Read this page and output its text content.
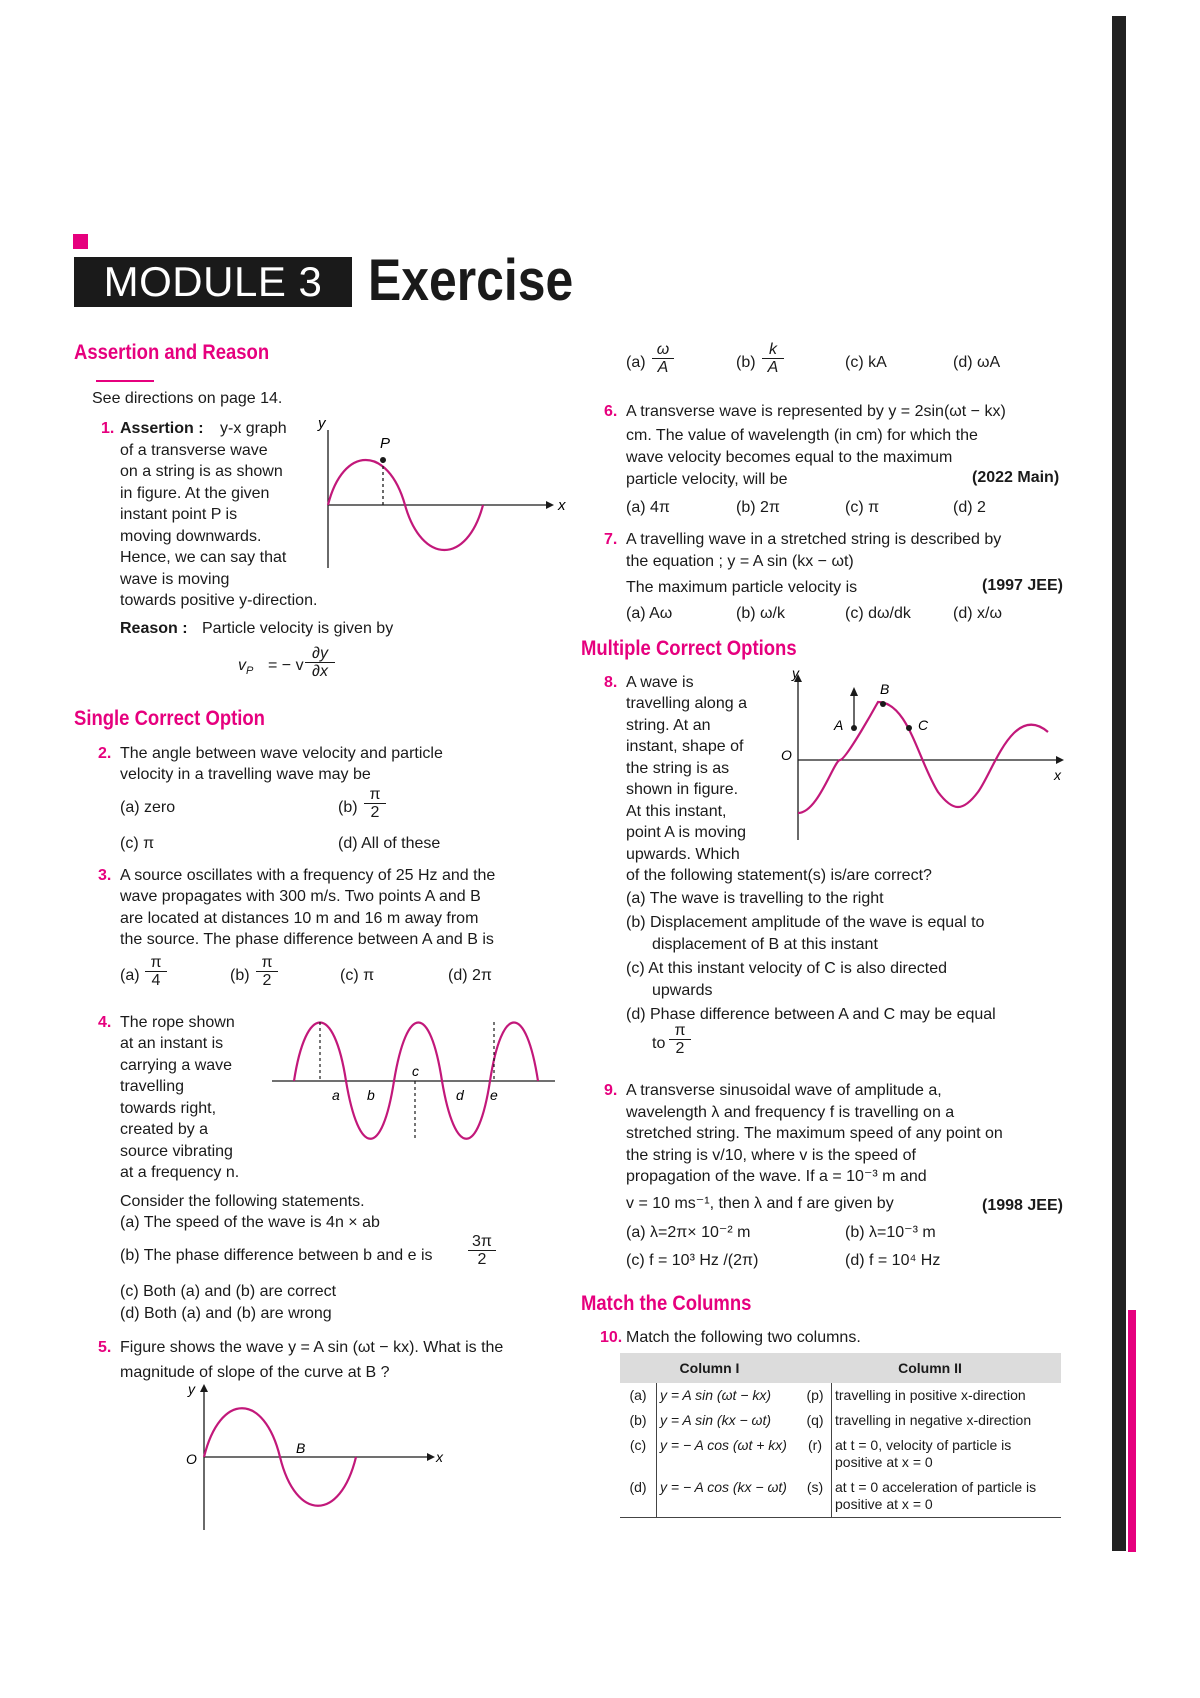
MODULE 3 Exercise
Assertion and Reason
See directions on page 14.
1. Assertion : y-x graph
of a transverse wave
on a string is as shown
in figure. At the given
instant point P is
moving downwards.
Hence, we can say that
wave is moving
towards positive y-direction.
Reason : Particle velocity is given by
$v_P$ = − v $\frac{\partial y}{\partial x}$
y
x
P
Single Correct Option
2. The angle between wave velocity and particle
velocity in a travelling wave may be
(a) zero	$(b) \frac{\pi}{2}$
(c) π	(d) All of these
3. A source oscillates with a frequency of 25 Hz and the
wave propagates with 300 m/s. Two points A and B
are located at distances 10 m and 16 m away from
the source. The phase difference between A and B is
$(a) \frac{\pi}{4}$	$(b) \frac{\pi}{2}$	(c) π	(d) 2π
4. The rope shown
at an instant is
carrying a wave
travelling
towards right,
created by a
source vibrating
at a frequency n.
a b
c
d e
Consider the following statements.
(a) The speed of the wave is 4n × ab
(b) The phase difference between b and e is $\frac{3\pi}{2}$
(c) Both (a) and (b) are correct
(d) Both (a) and (b) are wrong
5. Figure shows the wave y = A sin (ωt − kx). What is the
magnitude of slope of the curve at B ?
y
x
O
B
$(a) \frac{\omega}{A}$	$(b) \frac{k}{A}$	(c) kA	(d) ωA
6. A transverse wave is represented by y = 2sin(ωt − kx)
cm. The value of wavelength (in cm) for which the
wave velocity becomes equal to the maximum
particle velocity, will be	(2022 Main)
(a) 4π	(b) 2π	(c) π	(d) 2
7. A travelling wave in a stretched string is described by
the equation ; y = A sin (kx − ωt)
The maximum particle velocity is	(1997 JEE)
(a) Aω	(b) ω/k	(c) dω/dk	(d) x/ω
Multiple Correct Options
8. A wave is
travelling along a
string. At an
instant, shape of
the string is as
shown in figure.
At this instant,
point A is moving
upwards. Which
y
x
O
A
B
C
of the following statement(s) is/are correct?
(a) The wave is travelling to the right
(b) Displacement amplitude of the wave is equal to
displacement of B at this instant
(c) At this instant velocity of C is also directed
upwards
(d) Phase difference between A and C may be equal
to $\frac{\pi}{2}$
9. A transverse sinusoidal wave of amplitude a,
wavelength λ and frequency f is travelling on a
stretched string. The maximum speed of any point on
the string is v/10, where v is the speed of
propagation of the wave. If a = 10⁻³ m and
v = 10 ms⁻¹, then λ and f are given by	(1998 JEE)
(a) λ=2π× 10⁻² m	(b) λ=10⁻³ m
(c) f = 10³ Hz /(2π)	(d) f = 10⁴ Hz
Match the Columns
10. Match the following two columns.
Column I		Column II	
(a)	y = A sin (ωt − kx)	(p)	travelling in positive x-direction
(b)	y = A sin (kx − ωt)	(q)	travelling in negative x-direction
(c)	y = − A cos (ωt + kx)	(r)	at t = 0, velocity of particle is positive at x = 0
(d)	y = − A cos (kx − ωt)	(s)	at t = 0 acceleration of particle is positive at x = 0
